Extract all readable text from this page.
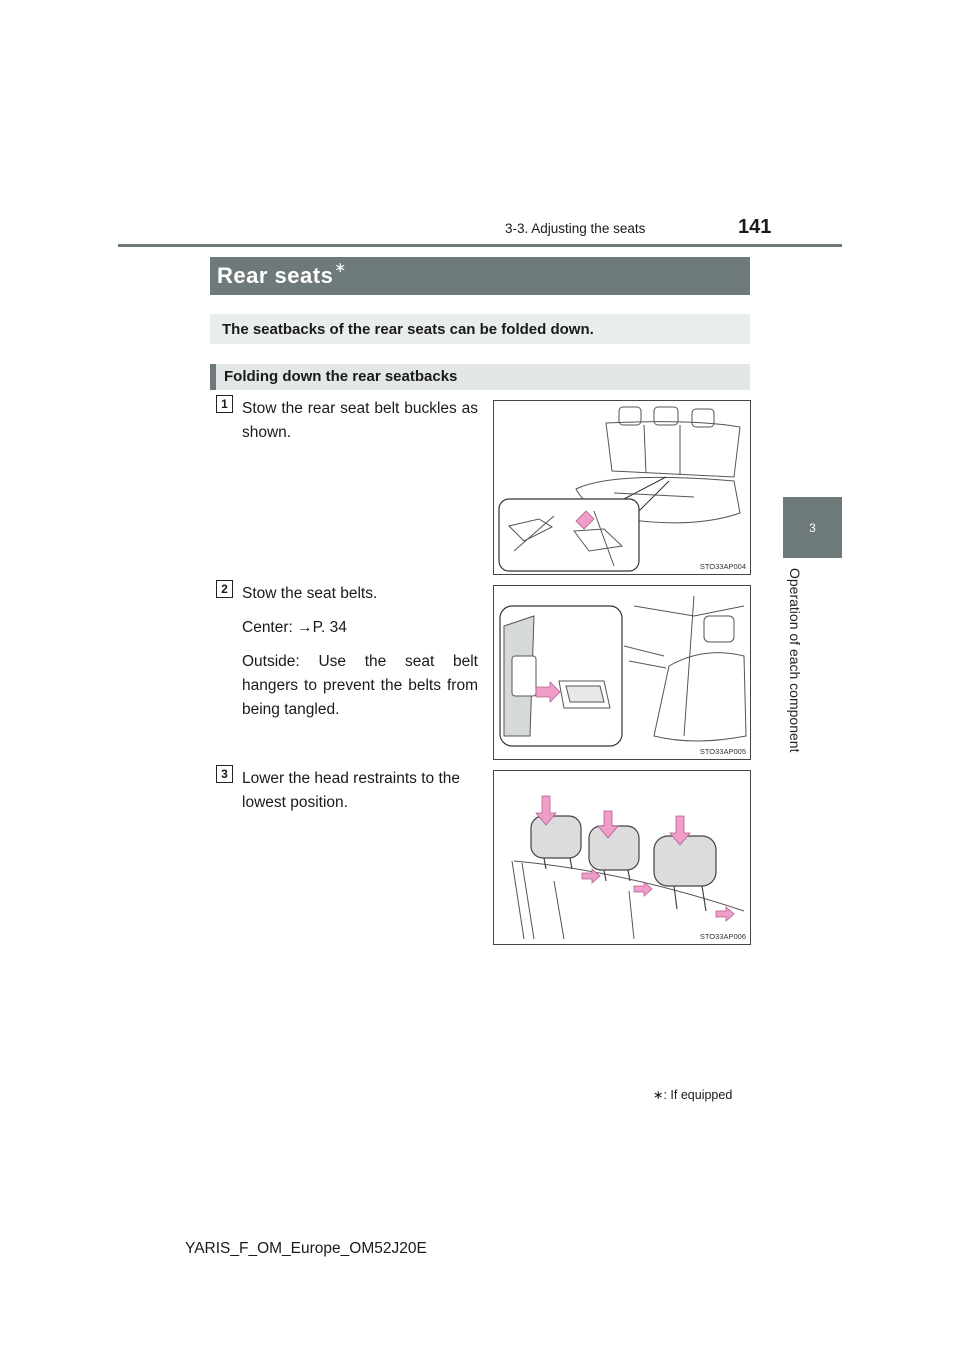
3-3. Adjusting the seats	141
3
Operation of each component
Rear seats∗
The seatbacks of the rear seats can be folded down.
Folding down the rear seatbacks
1 Stow the rear seat belt buckles as shown.

STO33AP004
2 Stow the seat belts.

Center: →P. 34

Outside: Use the seat belt hangers to prevent the belts from being tangled.

STO33AP005
3 Lower the head restraints to the lowest position.

STO33AP006
∗: If equipped
YARIS_F_OM_Europe_OM52J20E
